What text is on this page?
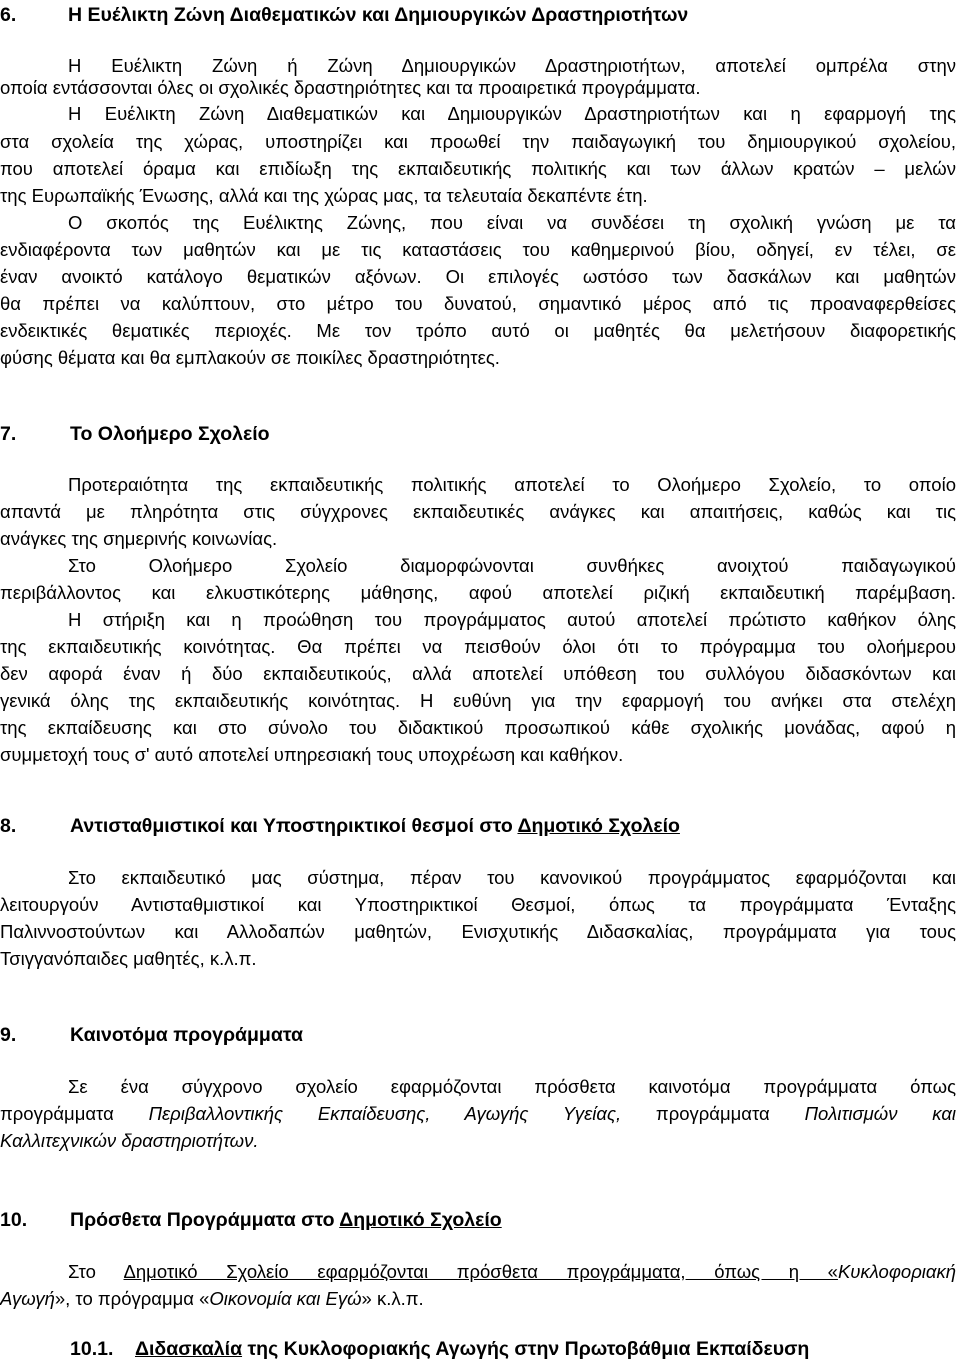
6.	Η Ευέλικτη Ζώνη Διαθεματικών και Δημιουργικών Δραστηριοτήτων
Η Ευέλικτη Ζώνη ή Ζώνη Δημιουργικών Δραστηριοτήτων, αποτελεί ομπρέλα στην
οποία εντάσσονται όλες οι σχολικές δραστηριότητες και τα προαιρετικά προγράμματα.
Η Ευέλικτη Ζώνη Διαθεματικών και Δημιουργικών Δραστηριοτήτων και η εφαρμογή της
στα σχολεία της χώρας, υποστηρίζει και προωθεί την παιδαγωγική του δημιουργικού σχολείου,
που αποτελεί όραμα και επιδίωξη της εκπαιδευτικής πολιτικής και των άλλων κρατών – μελών
της Ευρωπαϊκής Ένωσης, αλλά και της χώρας μας, τα τελευταία δεκαπέντε έτη.
Ο σκοπός της Ευέλικτης Ζώνης, που είναι να συνδέσει τη σχολική γνώση με τα
ενδιαφέροντα των μαθητών και με τις καταστάσεις του καθημερινού βίου, οδηγεί, εν τέλει, σε
έναν ανοικτό κατάλογο θεματικών αξόνων. Οι επιλογές ωστόσο των δασκάλων και μαθητών
θα πρέπει να καλύπτουν, στο μέτρο του δυνατού, σημαντικό μέρος από τις προαναφερθείσες
ενδεικτικές θεματικές περιοχές. Με τον τρόπο αυτό οι μαθητές θα μελετήσουν διαφορετικής
φύσης θέματα και θα εμπλακούν σε ποικίλες δραστηριότητες.
7.	Το Ολοήμερο Σχολείο
Προτεραιότητα της εκπαιδευτικής πολιτικής αποτελεί το Ολοήμερο Σχολείο, το οποίο
απαντά με πληρότητα στις σύγχρονες εκπαιδευτικές ανάγκες και απαιτήσεις, καθώς και τις
ανάγκες της σημερινής κοινωνίας.
Στο Ολοήμερο Σχολείο διαμορφώνονται συνθήκες ανοιχτού παιδαγωγικού
περιβάλλοντος και ελκυστικότερης μάθησης, αφού αποτελεί ριζική εκπαιδευτική παρέμβαση.
Η στήριξη και η προώθηση του προγράμματος αυτού αποτελεί πρώτιστο καθήκον όλης
της εκπαιδευτικής κοινότητας. Θα πρέπει να πεισθούν όλοι ότι το πρόγραμμα του ολοήμερου
δεν αφορά έναν ή δύο εκπαιδευτικούς, αλλά αποτελεί υπόθεση του συλλόγου διδασκόντων και
γενικά όλης της εκπαιδευτικής κοινότητας. Η ευθύνη για την εφαρμογή του ανήκει στα στελέχη
της εκπαίδευσης και στο σύνολο του διδακτικού προσωπικού κάθε σχολικής μονάδας, αφού η
συμμετοχή τους σ' αυτό αποτελεί υπηρεσιακή τους υποχρέωση και καθήκον.
8.	Αντισταθμιστικοί και Υποστηρικτικοί θεσμοί στο Δημοτικό Σχολείο
Στο εκπαιδευτικό μας σύστημα, πέραν του κανονικού προγράμματος εφαρμόζονται και
λειτουργούν Αντισταθμιστικοί και Υποστηρικτικοί Θεσμοί, όπως τα προγράμματα Ένταξης
Παλιννοστούντων και Αλλοδαπών μαθητών, Ενισχυτικής Διδασκαλίας, προγράμματα για τους
Τσιγγανόπαιδες μαθητές, κ.λ.π.
9.	Καινοτόμα προγράμματα
Σε ένα σύγχρονο σχολείο εφαρμόζονται πρόσθετα καινοτόμα προγράμματα όπως
προγράμματα Περιβαλλοντικής Εκπαίδευσης, Αγωγής Υγείας, προγράμματα Πολιτισμών και
Καλλιτεχνικών δραστηριοτήτων.
10. Πρόσθετα Προγράμματα στο Δημοτικό Σχολείο
Στο Δημοτικό Σχολείο εφαρμόζονται πρόσθετα προγράμματα, όπως η «Κυκλοφοριακή
Αγωγή», το πρόγραμμα «Οικονομία και Εγώ» κ.λ.π.
10.1. Διδασκαλία της Κυκλοφοριακής Αγωγής στην Πρωτοβάθμια Εκπαίδευση
